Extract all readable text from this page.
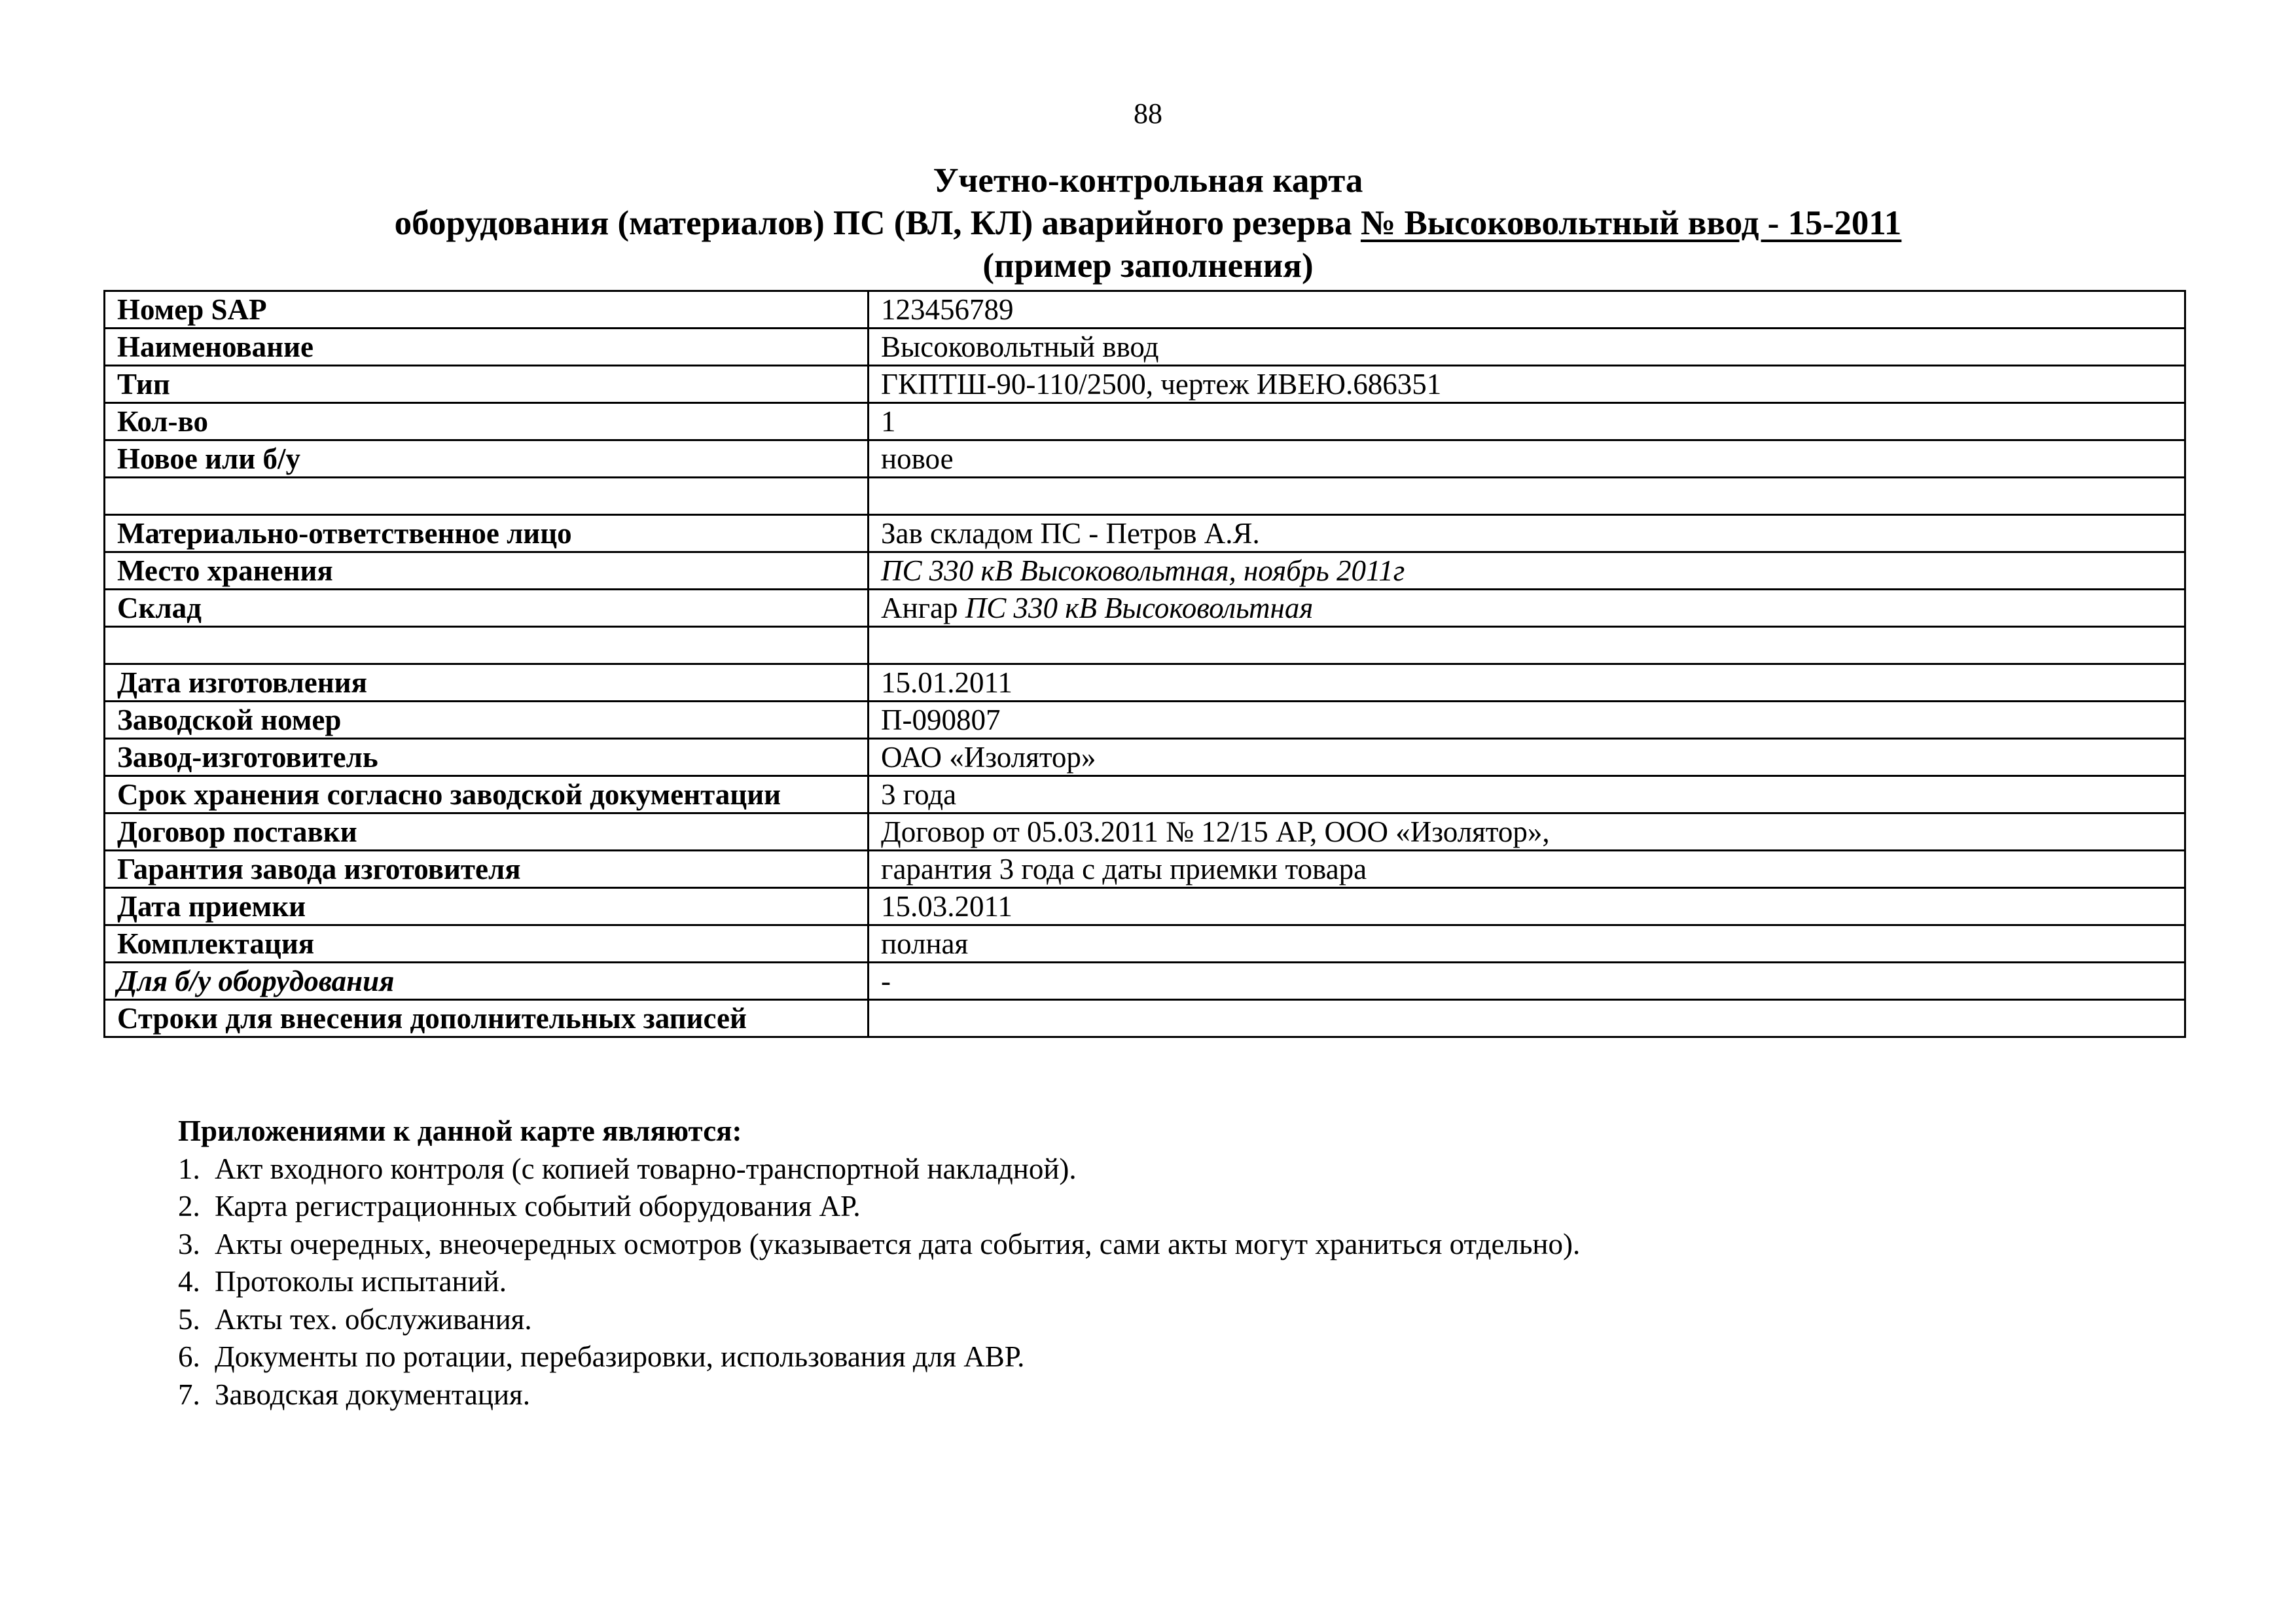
88
Учетно-контрольная карта
оборудования (материалов) ПС (ВЛ, КЛ) аварийного резерва № Высоковольтный ввод - 15-2011
(пример заполнения)
Номер SAP	123456789
Наименование	Высоковольтный ввод
Тип	ГКПТШ-90-110/2500, чертеж ИВЕЮ.686351
Кол-во	1
Новое или б/у	новое

Материально-ответственное лицо	Зав складом ПС - Петров А.Я.
Место хранения	ПС 330 кВ Высоковольтная, ноябрь 2011г
Склад	Ангар ПС 330 кВ Высоковольтная

Дата изготовления	15.01.2011
Заводской номер	П-090807
Завод-изготовитель	ОАО «Изолятор»
Срок хранения согласно заводской документации	3 года
Договор поставки	Договор от 05.03.2011 № 12/15 АР, ООО «Изолятор»,
Гарантия завода изготовителя	гарантия 3 года с даты приемки товара
Дата приемки	15.03.2011
Комплектация	полная
Для б/у оборудования	-
Строки для внесения дополнительных записей	
Приложениями к данной карте являются:
1. Акт входного контроля (с копией товарно-транспортной накладной).
2. Карта регистрационных событий оборудования АР.
3. Акты очередных, внеочередных осмотров (указывается дата события, сами акты могут храниться отдельно).
4. Протоколы испытаний.
5. Акты тех. обслуживания.
6. Документы по ротации, перебазировки, использования для АВР.
7. Заводская документация.
